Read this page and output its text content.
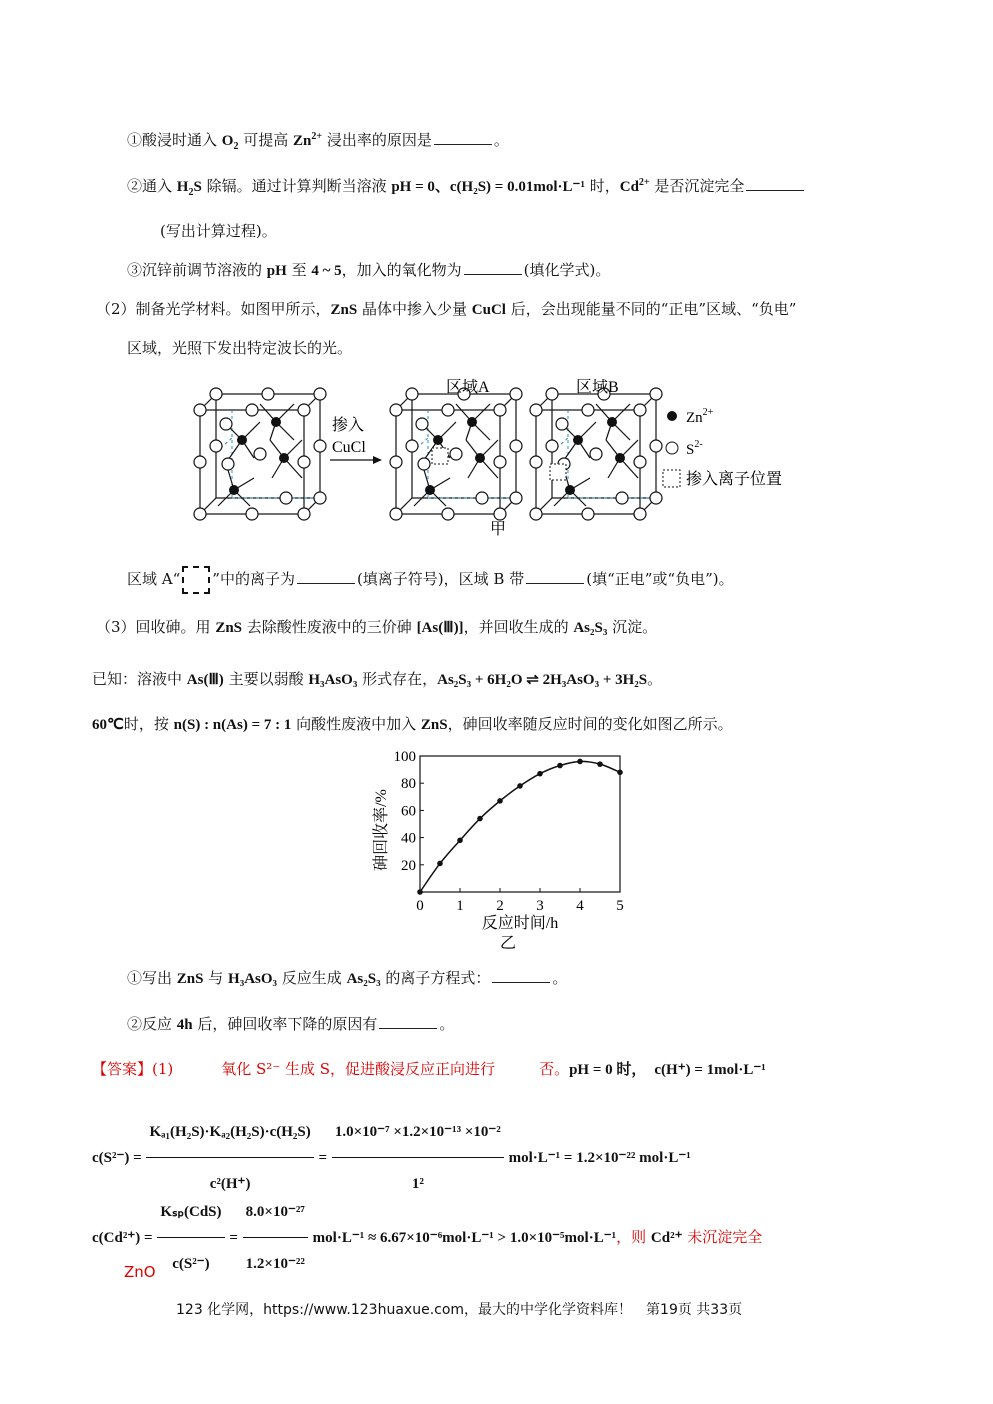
①酸浸时通入 $O_2$ 可提高 $Zn^{2+}$ 浸出率的原因是	。
②通入 $H_2S$ 除镉。通过计算判断当溶液 pH = 0、c(H₂S) = 0.01mol·L⁻¹ 时，$Cd^{2+}$ 是否沉淀完全
(写出计算过程)。
③沉锌前调节溶液的 pH 至 4 ~ 5，加入的氧化物为	(填化学式)。
（2）制备光学材料。如图甲所示，ZnS 晶体中掺入少量 CuCl 后，会出现能量不同的“正电”区域、“负电”
区域，光照下发出特定波长的光。
掺入
CuCl
区域A	区域B
$Zn^{2+}$
$S^{2-}$
掺入离子位置
甲
区域 A“ ”中的离子为	(填离子符号)，区域 B 带	(填“正电”或“负电”)。
（3）回收砷。用 ZnS 去除酸性废液中的三价砷 [As(Ⅲ)]，并回收生成的 As₂S₃ 沉淀。
已知：溶液中 As(Ⅲ) 主要以弱酸 H₃AsO₃ 形式存在，As₂S₃ + 6H₂O ⇌ 2H₃AsO₃ + 3H₂S。
60℃时，按 n(S) : n(As) = 7 : 1 向酸性废液中加入 ZnS，砷回收率随反应时间的变化如图乙所示。
0 1 2 3 4 5
20
40
60
80
100
砷回收率/%
反应时间/h
乙
①写出 ZnS 与 H₃AsO₃ 反应生成 As₂S₃ 的离子方程式：	。
②反应 4h 后，砷回收率下降的原因有	。
【答案】(1)	氧化 S²⁻ 生成 S，促进酸浸反应正向进行	否。pH = 0 时， c(H⁺) = 1mol·L⁻¹
$c(S^{2-}) = \frac{\text{Kₐ₁(H₂S)·Kₐ₂(H₂S)·c(H₂S)}}{\text{c²(H⁺)}} = \frac{\text{1.0×10⁻⁷ ×1.2×10⁻¹³ ×10⁻²}}{\text{1²}} mol\cdot L^{-1} = 1.2\times 10^{-22}$ mol·L⁻¹
$c(Cd^{2+}) = \frac{\text{Kₛₚ(CdS)}}{\text{c(S²⁻)}} = \frac{\text{8.0×10⁻²⁷}}{\text{1.2×10⁻²²}} mol\cdot L^{-1} \approx 6.67\times 10^{-6}mol\cdot L^{-1} > 1.0\times 10^{-5}mol\cdot L^{-1}$，则 Cd²⁺ 未沉淀完全
ZnO
123 化学网，https://www.123huaxue.com，最大的中学化学资料库！　第19页 共33页
